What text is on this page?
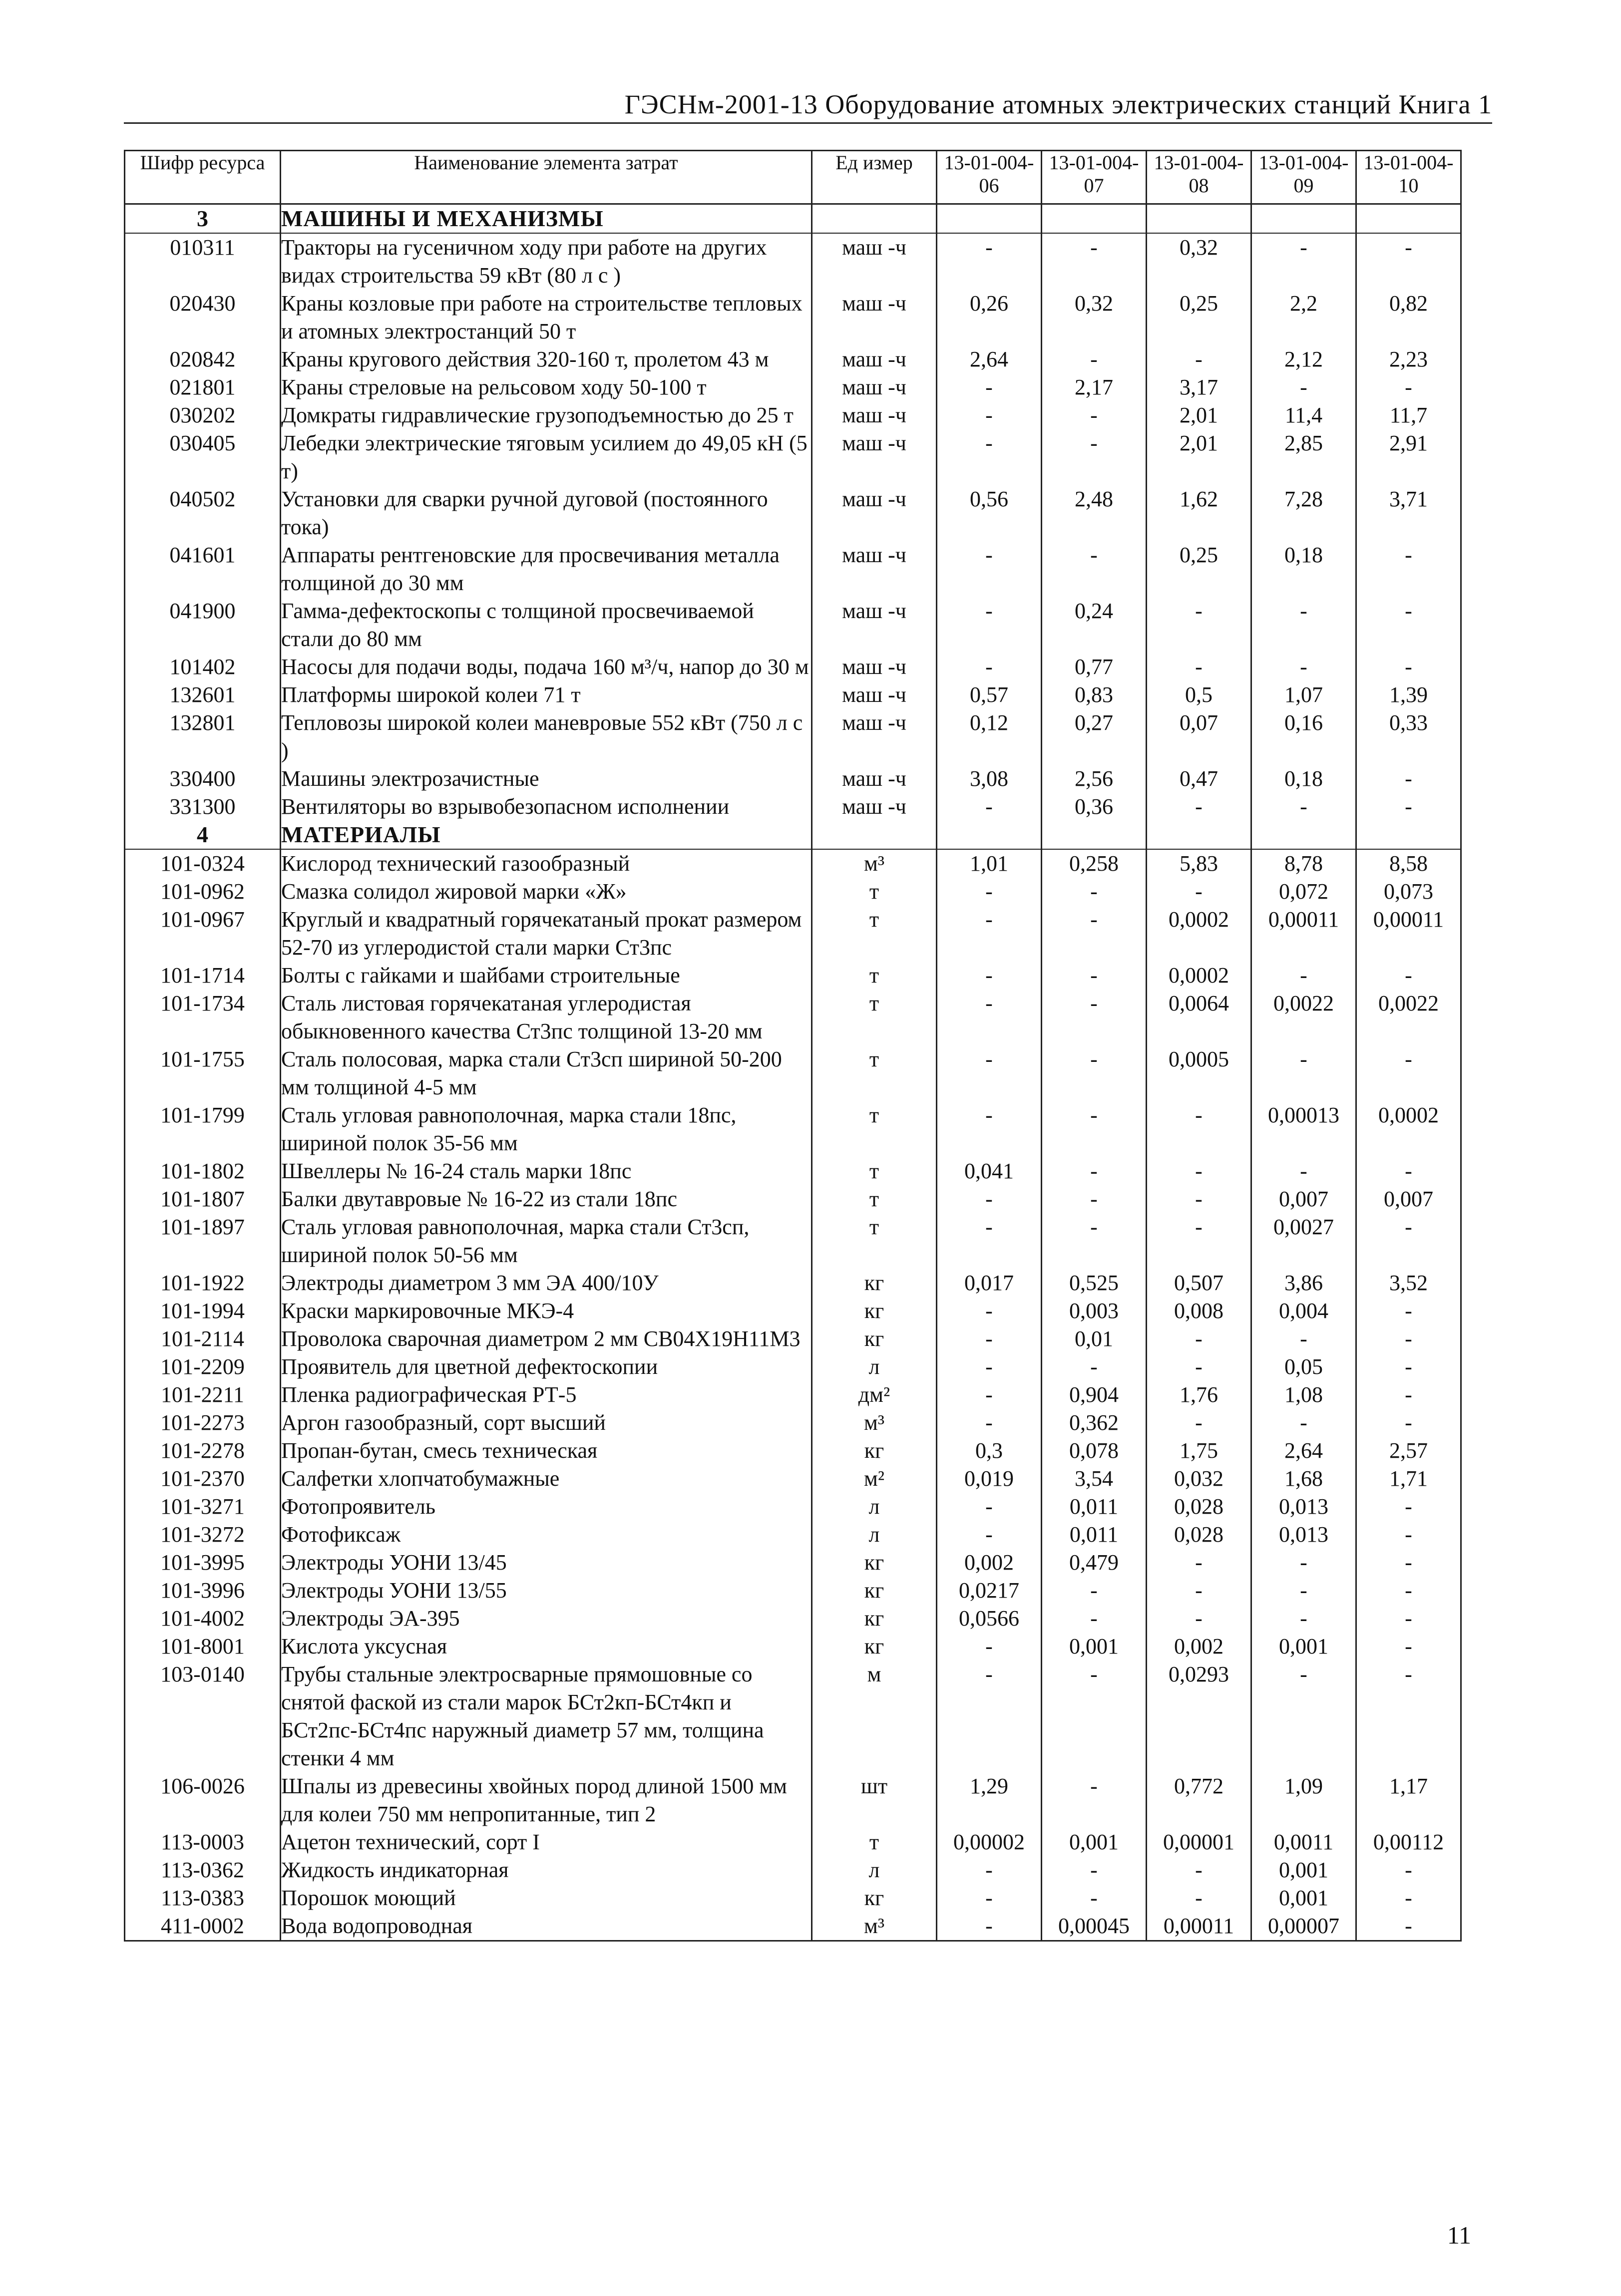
ГЭСНм-2001-13 Оборудование атомных электрических станций Книга 1
Шифр ресурса	Наименование элемента затрат	Ед измер	13-01-004-06	13-01-004-07	13-01-004-08	13-01-004-09	13-01-004-10
3	МАШИНЫ И МЕХАНИЗМЫ						
010311	Тракторы на гусеничном ходу при работе на других видах строительства 59 кВт (80 л с )	маш -ч	-	-	0,32	-	-
020430	Краны козловые при работе на строительстве тепловых и атомных электростанций 50 т	маш -ч	0,26	0,32	0,25	2,2	0,82
020842	Краны кругового действия 320-160 т, пролетом 43 м	маш -ч	2,64	-	-	2,12	2,23
021801	Краны стреловые на рельсовом ходу 50-100 т	маш -ч	-	2,17	3,17	-	-
030202	Домкраты гидравлические грузоподъемностью до 25 т	маш -ч	-	-	2,01	11,4	11,7
030405	Лебедки электрические тяговым усилием до 49,05 кН (5 т)	маш -ч	-	-	2,01	2,85	2,91
040502	Установки для сварки ручной дуговой (постоянного тока)	маш -ч	0,56	2,48	1,62	7,28	3,71
041601	Аппараты рентгеновские для просвечивания металла толщиной до 30 мм	маш -ч	-	-	0,25	0,18	-
041900	Гамма-дефектоскопы с толщиной просвечиваемой стали до 80 мм	маш -ч	-	0,24	-	-	-
101402	Насосы для подачи воды, подача 160 м³/ч, напор до 30 м	маш -ч	-	0,77	-	-	-
132601	Платформы широкой колеи 71 т	маш -ч	0,57	0,83	0,5	1,07	1,39
132801	Тепловозы широкой колеи маневровые 552 кВт (750 л с )	маш -ч	0,12	0,27	0,07	0,16	0,33
330400	Машины электрозачистные	маш -ч	3,08	2,56	0,47	0,18	-
331300	Вентиляторы во взрывобезопасном исполнении	маш -ч	-	0,36	-	-	-
4	МАТЕРИАЛЫ						
101-0324	Кислород технический газообразный	м³	1,01	0,258	5,83	8,78	8,58
101-0962	Смазка солидол жировой марки «Ж»	т	-	-	-	0,072	0,073
101-0967	Круглый и квадратный горячекатаный прокат размером 52-70 из углеродистой стали марки Ст3пс	т	-	-	0,0002	0,00011	0,00011
101-1714	Болты с гайками и шайбами строительные	т	-	-	0,0002	-	-
101-1734	Сталь листовая горячекатаная углеродистая обыкновенного качества Ст3пс толщиной 13-20 мм	т	-	-	0,0064	0,0022	0,0022
101-1755	Сталь полосовая, марка стали Ст3сп шириной 50-200 мм толщиной 4-5 мм	т	-	-	0,0005	-	-
101-1799	Сталь угловая равнополочная, марка стали 18пс, шириной полок 35-56 мм	т	-	-	-	0,00013	0,0002
101-1802	Швеллеры № 16-24 сталь марки 18пс	т	0,041	-	-	-	-
101-1807	Балки двутавровые № 16-22 из стали 18пс	т	-	-	-	0,007	0,007
101-1897	Сталь угловая равнополочная, марка стали Ст3сп, шириной полок 50-56 мм	т	-	-	-	0,0027	-
101-1922	Электроды диаметром 3 мм ЭА 400/10У	кг	0,017	0,525	0,507	3,86	3,52
101-1994	Краски маркировочные МКЭ-4	кг	-	0,003	0,008	0,004	-
101-2114	Проволока сварочная диаметром 2 мм СВ04Х19Н11М3	кг	-	0,01	-	-	-
101-2209	Проявитель для цветной дефектоскопии	л	-	-	-	0,05	-
101-2211	Пленка радиографическая РТ-5	дм²	-	0,904	1,76	1,08	-
101-2273	Аргон газообразный, сорт высший	м³	-	0,362	-	-	-
101-2278	Пропан-бутан, смесь техническая	кг	0,3	0,078	1,75	2,64	2,57
101-2370	Салфетки хлопчатобумажные	м²	0,019	3,54	0,032	1,68	1,71
101-3271	Фотопроявитель	л	-	0,011	0,028	0,013	-
101-3272	Фотофиксаж	л	-	0,011	0,028	0,013	-
101-3995	Электроды УОНИ 13/45	кг	0,002	0,479	-	-	-
101-3996	Электроды УОНИ 13/55	кг	0,0217	-	-	-	-
101-4002	Электроды ЭА-395	кг	0,0566	-	-	-	-
101-8001	Кислота уксусная	кг	-	0,001	0,002	0,001	-
103-0140	Трубы стальные электросварные прямошовные со снятой фаской из стали марок БСт2кп-БСт4кп и БСт2пс-БСт4пс наружный диаметр 57 мм, толщина стенки 4 мм	м	-	-	0,0293	-	-
106-0026	Шпалы из древесины хвойных пород длиной 1500 мм для колеи 750 мм непропитанные, тип 2	шт	1,29	-	0,772	1,09	1,17
113-0003	Ацетон технический, сорт I	т	0,00002	0,001	0,00001	0,0011	0,00112
113-0362	Жидкость индикаторная	л	-	-	-	0,001	-
113-0383	Порошок моющий	кг	-	-	-	0,001	-
411-0002	Вода водопроводная	м³	-	0,00045	0,00011	0,00007	-
11
